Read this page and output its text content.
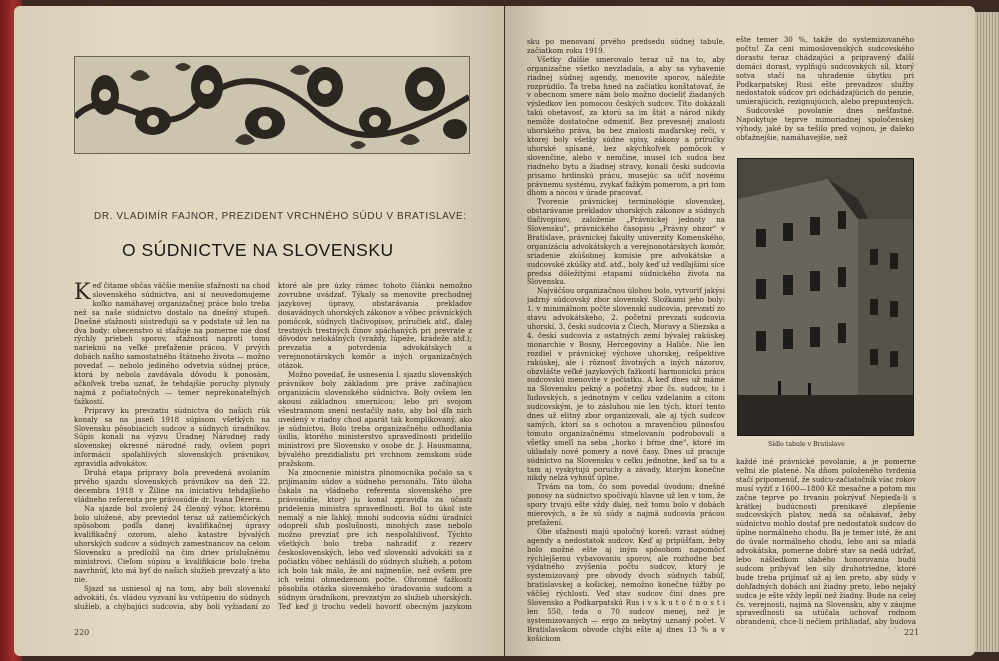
DR. VLADIMÍR FAJNOR, PREZIDENT VRCHNÉHO SÚDU V BRATISLAVE:
O SÚDNICTVE NA SLOVENSKU
K eď čitame občas väčšie menšie sťažnosti na chod slovenského súdnictva, ani si neuvedomujeme koľko namáhavej organizačnej práce bolo treba než sa naše súdnictvo dostalo na dnešný stupeň. Dnešné sťažnosti sústreďujú sa v podstate už len na dva body: obecenstvo si sťažuje na pomerne nie dosť rýchly priebeh sporov, sťažnosti naproti tomu narieknú na veľké preťaženie prácou. V prvých dobách našho samostatného štátneho života — možno povedať — nebolo jediného odvetvia súdnej práce, ktorá by nebola zavdávala dôvodu k ponosám, ačkoľvek treba uznať, že tehdajšie poruchy plynuly najmä z počiatočných — temer neprekonateľných ťažkostí.

Pripravy ku prevzatiu súdnictva do našich rúk konaly sa na jaseň 1918 súpisom všetkých na Slovensku pôsobiacich sudcov a súdnych úradníkov. Súpis konali na výzvu Úradnej Národnej rady slovenskej okresné národné rady, ovšem popri informácii spoľahlivých slovenských právnikov, zpravidla advokátov.

Druhá etapa prípravy bola prevedená avolaním prvého sjazdu slovenských právnikov na deň 22. decembra 1918 v Žiline na iniciatívu tehdajšieho vládneho referenta pre právosúdie dr. Ivana Dérera.

Na sjazde bol zvolený 24 členný výbor, ktorému bolo uložené, aby previedol teraz už zatiemčických spôsobom podľa danej kvalifikačnej úpravy kvalifikačný ozorom, aleho katastre bývalých uhorských sudcov a súdnych zamestnancov na celom Slovensku a predložil na čim driev príslušnému ministrovi. Cieľom súpisu a kvalifikácie bolo treba navrhnúť, kto má byť do našich služieb prevzatý a kto nie.

Sjazd sa usniesol aj na tom, aby boli slovenskí advokáti, čs. vládou vyzvaní ku vstúpeniu do súdnych služieb, a chýbajúci sudcovia, aby boli vyžiadaní zo

ktoré ale pre úzky rámec tohoto článku nemožno zovrubne uvádzať. Týkaly sa menovite prechodnej jazykovej úpravy, obstarávania prekladov dosavádnych uhorských zákonov a vôbec právnických pomôcok, súdnych tlačivopisov, príručiek atď., ďalej trestných trestných činov spáchaných pri prevrate z dôvodov nelokálných (vraždy, lúpeže, krádeže atď.); prevzatia a potvrdenia advokátskych a verejnonotárskych komôr a iných organizačných otázok.

Možno povedať, že usnesenia I. sjazdu slovenských právnikov boly základom pre práve začínajúcu organizáciu slovenského súdnictva. Boly ovšem len akousi základnou smernicou; lebo pri svojom všestrannom snení nestačily nato, aby bol dľa nich uvedený v riadny chod aparát tak komplikovaný, ako je súdnictvo. Bolo treba organizačného odhodlania úsilia, ktorého ministerstvo spravedlnosti pridelilo ministrovi pre Slovensko v osobe dr. J. Hausmanna, bývalého prezidialistu pri vrchnom zemskom súde pražskom.

Na zmocnenie ministra plnomocníka počalo sa s prijímaním súdov a súdneho personálu. Táto úloha čakala na vládneho referenta slovenského pre právosúdie, ktorý ju konal zpravidla za účasti pridelenia ministra spravedlnosti. Bol to úkol iste nemalý a nie ľahký, mnohí sudcovia súdni úradníci odoprelí sľub poslušnosti, mnohých zase nebolo možno prevziať pre ich nespoľahlivosť. Týchto všetkých bolo treba nahradiť z rezerv československých, lebo veď slovenskí advokáti sa z počiatku vôbec nehlásili do súdnych služieb, a potom ich bolo tak málo, že ani najmenšie, než ovšem pre ich velmi obmedzenom počte. Ohromné ťažkosti pôsobila otázka slovenského úradovania sudcom a súdnym úradníkom, prevzatým zo služieb uhorských. Teď keď ji trochu vedeli hovoriť obecným jazykom

220

sku po menovaní prvého predsedu súdnej tabule, začiatkom roku 1919.

Všetky ďalšie smerovalo teraz už na to, aby organizačne všetko nevzladala, a aby sa vybavenie riadnej súdnej agendy, menovite sporov, náležite rozprúdilo. Ťa treba hned na začiatku konštatovať, že v obecnom smere nám bolo možno docieliť žiadaných výsledkov len pomocou českých sudcov. Títo dokázali takú obetavosť, za ktorú sa im štát a národ nikdy nemôže dostatočne odmeniť. Bez prevesnéj znalosti uhorského práva, ba bez znalosti maďarskej reči, v ktorej boly všetky súdne spisy, zákony a príručky uhorské spísané, bez akýchkoľvek pomôcok v slovenčine, alebo v nemčine, musel ich sudca bez riadneho bytu a žiadnej stravy, konali česki sudcovia prisamo hrdinskú prácu, musejúc sa učiť novému právnemu systému, zvykať ťažkým pomerom, a pri tom dhom a nocou v úrade pracovať.

Tvorenie právnickej terminológie slovenskej, obstarávanie prekladov uhorských zákonov a súdnych tlačivopisov, založenie „Právnickej jednoty na Slovensku", právnického časopisu „Právny obzor" v Bratislave, právnickej fakulty univerzity Komenského, organizácia advokátskych a verejnonotárskych komôr, sriadenie zkúšobnej komisie pre advokátske a sudcovské zkúšky atď. atď., boly keď už vedľajšími síce predsa dôležitými etapami súdnického života na Slovensku.

Najväčšou organizačnou úlohou bolo, vytvoriť jakýsi jadrný súdcovský zbor slovenský. Složkami jeho boly: 1. v minimálnom počte slovenskí sudcovia, prevzatí zo stavu advokátskeho, 2. početní prevzatí sudcovia uhorskí, 3. česki sudcovia z Čiech, Moravy a Sliezska a 4. českí sudcovia z ostatných zemí bývalej rakúskej monarchie v Bosny, Hercegoviny a Haliče. Nie len rozdiel v právnickej výchove uhorskej, rešpektive rakúskej, ale i rôznosť životných a iných názorov, obzvlášte veľké jazykových ťažkostí harmonickú prácu sudcovskú menovite v počiatku. A keď dnes už máme na Slovensku pekný a početný zbor čs. sudcov, to i ľudovských, s jednotným v celku vzdelaním a citom sudcovským, je to zásluhou nie len tých, ktorí tento dnes už elitný zbor organizovali, ale aj tých sudcov samých, ktorí sa s ochotou a mravenčiou pilnosťou tomuto organizačnému stmelovaniu podrobovali a všetky smeľí na seba „horko i bŕme dne", ktoré im ukladaly nové pomery a nové časy. Dnes už pracuje súdnictvo na Slovensku v celku jednotne, keď sa tu a tam aj vyskytujú poruchy a závady, ktorým konečne nikdy nelzá vyhnúť úplne.

Trvám na tom, čo som povedal úvodom: dnešné ponosy na súdnictvo spočívajú hlavne už len v tom, že spory trvajú ešte vždy ďalej, než tomu bolo v dobách mierových, a že sú súdy a najmä sudcovia prácou preťažení.

Obe sťažnosti majú spoločný koreň: vzrast súdnej agendy a nedostatok sudcov. Keď aj pripúšťam, žeby bolo možné ešte aj iným spôsobom napomôcť rýchlejšemu vybavovaniu sporov, ale rozhodne bez výdatného zvýšenia počtu sudcov, ktorý je systemizovaný pre obvody dvoch súdnych tabúľ, bratislavskej a košickej, nemožno konečne túžby po väčšej rýchlosti. Veď stav sudcov činí dnes pre Slovensko a Podkarpatskú Rus i v s k u t o č n o s t i len 550, teda o 70 sudcov menej, než je systemizovaných — ergo za nebytný uznaný počet. V Bratislavskom obvode chýbi ešte aj dnes 13 % a v košickom

ešte temer 30 %, takže do systemizovaného počtu! Za ceni mimoslovenských sudcovského dorastu teraz chádzajúci a pripravený ďalší domáci dorast, vyplňujú sudcovských síl, ktorý sotva stačí na uhradenie úbytku pri Podkarpatskej Rusi ešte prevadzov služby nedostatok súdcov pri odchádzajúcich do penzie, umierajúcich, rezignujúcich, alebo prepustených.

Sudcovské povolanie dnes nešťastné. Napokytuje teprve mimoriadnej spoločenskej výhody, jaké by sa tešilo pred vojnou, je ďaleko obťažnejšie, namáhavejšie, než

Sídlo tabule v Bratislave

každé iné právnické povolanie, a je pomerne veľmi zle platené. Na dňom položeného tvrdenia stačí pripomenúť, že sudcu-začiatočník víac rokov musí vyžiť z 1600—1800 Kč mesačne a potom mu začne teprve po trvaniu pokrývať Nepieďa-li s krátkej budúcnosti prenikavé zlepšenie sudcovských platov, nedá sa očakávať, žeby súdnictvo mohlo dostať pre nedostatok sudcov do úplne normálneho chodu. Ba je temer isté, že ani do úvale normálneho chodu, lebo ani sa mladá advokátska, pomerne dobré stav sa nedá udržať, lebo nášledkom slabého honorovania budú sudcom pribývať len sily druhotriedne, ktoré bude treba prijímať už aj len preto, aby súdy v dohľadných dobách ani žiadny preto, lebo nejaký sudca je ešte vždy lepší než žiadny. Bude na celej čs. verejnosti, najmä na Slovensku, aby v záujme spravedlnosti sa utúčala uchovať rodnom obrandenú, chce-li nečiem prihliadať, aby budova

221
